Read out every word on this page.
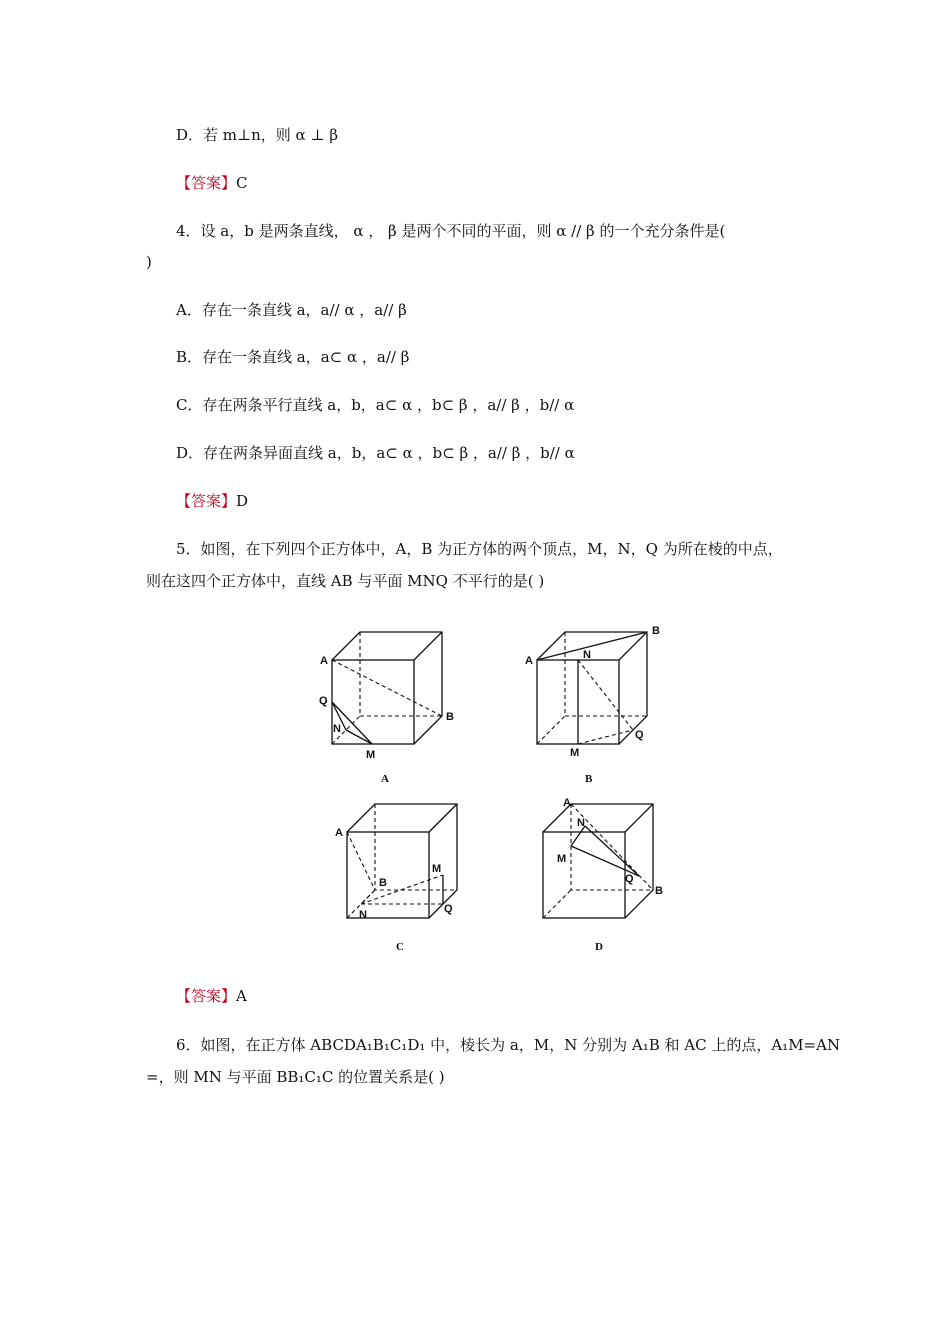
D．若 m⊥n，则 α ⊥ β
【答案】C
4．设 a，b 是两条直线， α ， β 是两个不同的平面，则 α // β 的一个充分条件是(
)
A．存在一条直线 a，a// α ，a// β
B．存在一条直线 a，a⊂ α ，a// β
C．存在两条平行直线 a，b，a⊂ α ，b⊂ β ，a// β ，b// α
D．存在两条异面直线 a，b，a⊂ α ，b⊂ β ，a// β ，b// α
【答案】D
5．如图，在下列四个正方体中，A，B 为正方体的两个顶点，M，N，Q 为所在棱的中点，
则在这四个正方体中，直线 AB 与平面 MNQ 不平行的是( )
A
B
Q
N
M
A
A
B
N
Q
M
B
A
B
M
N	Q
C
A
B
N
M
Q
D
【答案】A
6．如图，在正方体 ABCDA₁B₁C₁D₁ 中，棱长为 a，M，N 分别为 A₁B 和 AC 上的点，A₁M=AN
=，则 MN 与平面 BB₁C₁C 的位置关系是( )
